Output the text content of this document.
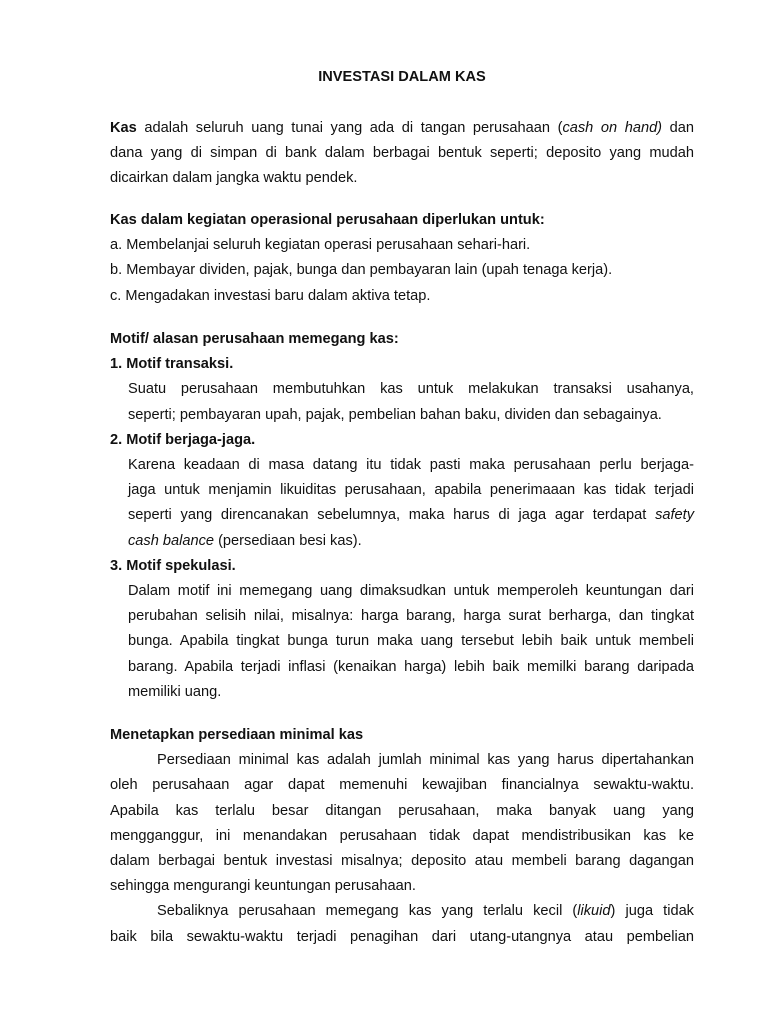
INVESTASI DALAM KAS
Kas adalah seluruh uang tunai yang ada di tangan perusahaan (cash on hand) dan
dana yang di simpan di bank dalam berbagai bentuk seperti; deposito yang mudah
dicairkan dalam jangka waktu pendek.
Kas dalam kegiatan operasional perusahaan diperlukan untuk:
a. Membelanjai seluruh kegiatan operasi perusahaan sehari-hari.
b. Membayar dividen, pajak, bunga dan pembayaran lain (upah tenaga kerja).
c. Mengadakan investasi baru dalam aktiva tetap.
Motif/ alasan perusahaan memegang kas:
1. Motif transaksi.
Suatu perusahaan membutuhkan kas untuk melakukan transaksi usahanya,
seperti; pembayaran upah, pajak, pembelian bahan baku, dividen dan sebagainya.
2. Motif berjaga-jaga.
Karena keadaan di masa datang itu tidak pasti maka perusahaan perlu berjaga-
jaga untuk menjamin likuiditas perusahaan, apabila penerimaaan kas tidak terjadi
seperti yang direncanakan sebelumnya, maka harus di jaga agar terdapat safety
cash balance (persediaan besi kas).
3. Motif spekulasi.
Dalam motif ini memegang uang dimaksudkan untuk memperoleh keuntungan dari
perubahan selisih nilai, misalnya: harga barang, harga surat berharga, dan tingkat
bunga. Apabila tingkat bunga turun maka uang tersebut lebih baik untuk membeli
barang. Apabila terjadi inflasi (kenaikan harga) lebih baik memilki barang daripada
memiliki uang.
Menetapkan persediaan minimal kas
Persediaan minimal kas adalah jumlah minimal kas yang harus dipertahankan
oleh perusahaan agar dapat memenuhi kewajiban financialnya sewaktu-waktu.
Apabila kas terlalu besar ditangan perusahaan, maka banyak uang yang
mengganggur, ini menandakan perusahaan tidak dapat mendistribusikan kas ke
dalam berbagai bentuk investasi misalnya; deposito atau membeli barang dagangan
sehingga mengurangi keuntungan perusahaan.
Sebaliknya perusahaan memegang kas yang terlalu kecil (likuid) juga tidak
baik bila sewaktu-waktu terjadi penagihan dari utang-utangnya atau pembelian
